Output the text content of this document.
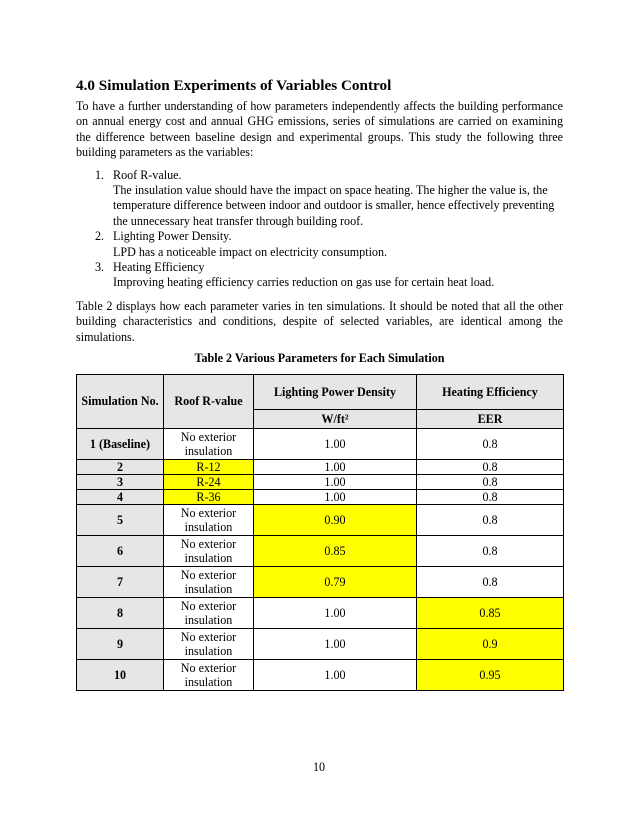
4.0 Simulation Experiments of Variables Control

To have a further understanding of how parameters independently affects the building performance on annual energy cost and annual GHG emissions, series of simulations are carried on examining the difference between baseline design and experimental groups. This study the following three building parameters as the variables:

1. Roof R-value.
The insulation value should have the impact on space heating. The higher the value is, the temperature difference between indoor and outdoor is smaller, hence effectively preventing the unnecessary heat transfer through building roof.
2. Lighting Power Density.
LPD has a noticeable impact on electricity consumption.
3. Heating Efficiency
Improving heating efficiency carries reduction on gas use for certain heat load.

Table 2 displays how each parameter varies in ten simulations. It should be noted that all the other building characteristics and conditions, despite of selected variables, are identical among the simulations.

Table 2 Various Parameters for Each Simulation
Simulation No.	Roof R-value	Lighting Power Density	Heating Efficiency
		W/ft²	EER
1 (Baseline)	No exterior insulation	1.00	0.8
2	R-12	1.00	0.8
3	R-24	1.00	0.8
4	R-36	1.00	0.8
5	No exterior insulation	0.90	0.8
6	No exterior insulation	0.85	0.8
7	No exterior insulation	0.79	0.8
8	No exterior insulation	1.00	0.85
9	No exterior insulation	1.00	0.9
10	No exterior insulation	1.00	0.95
10
